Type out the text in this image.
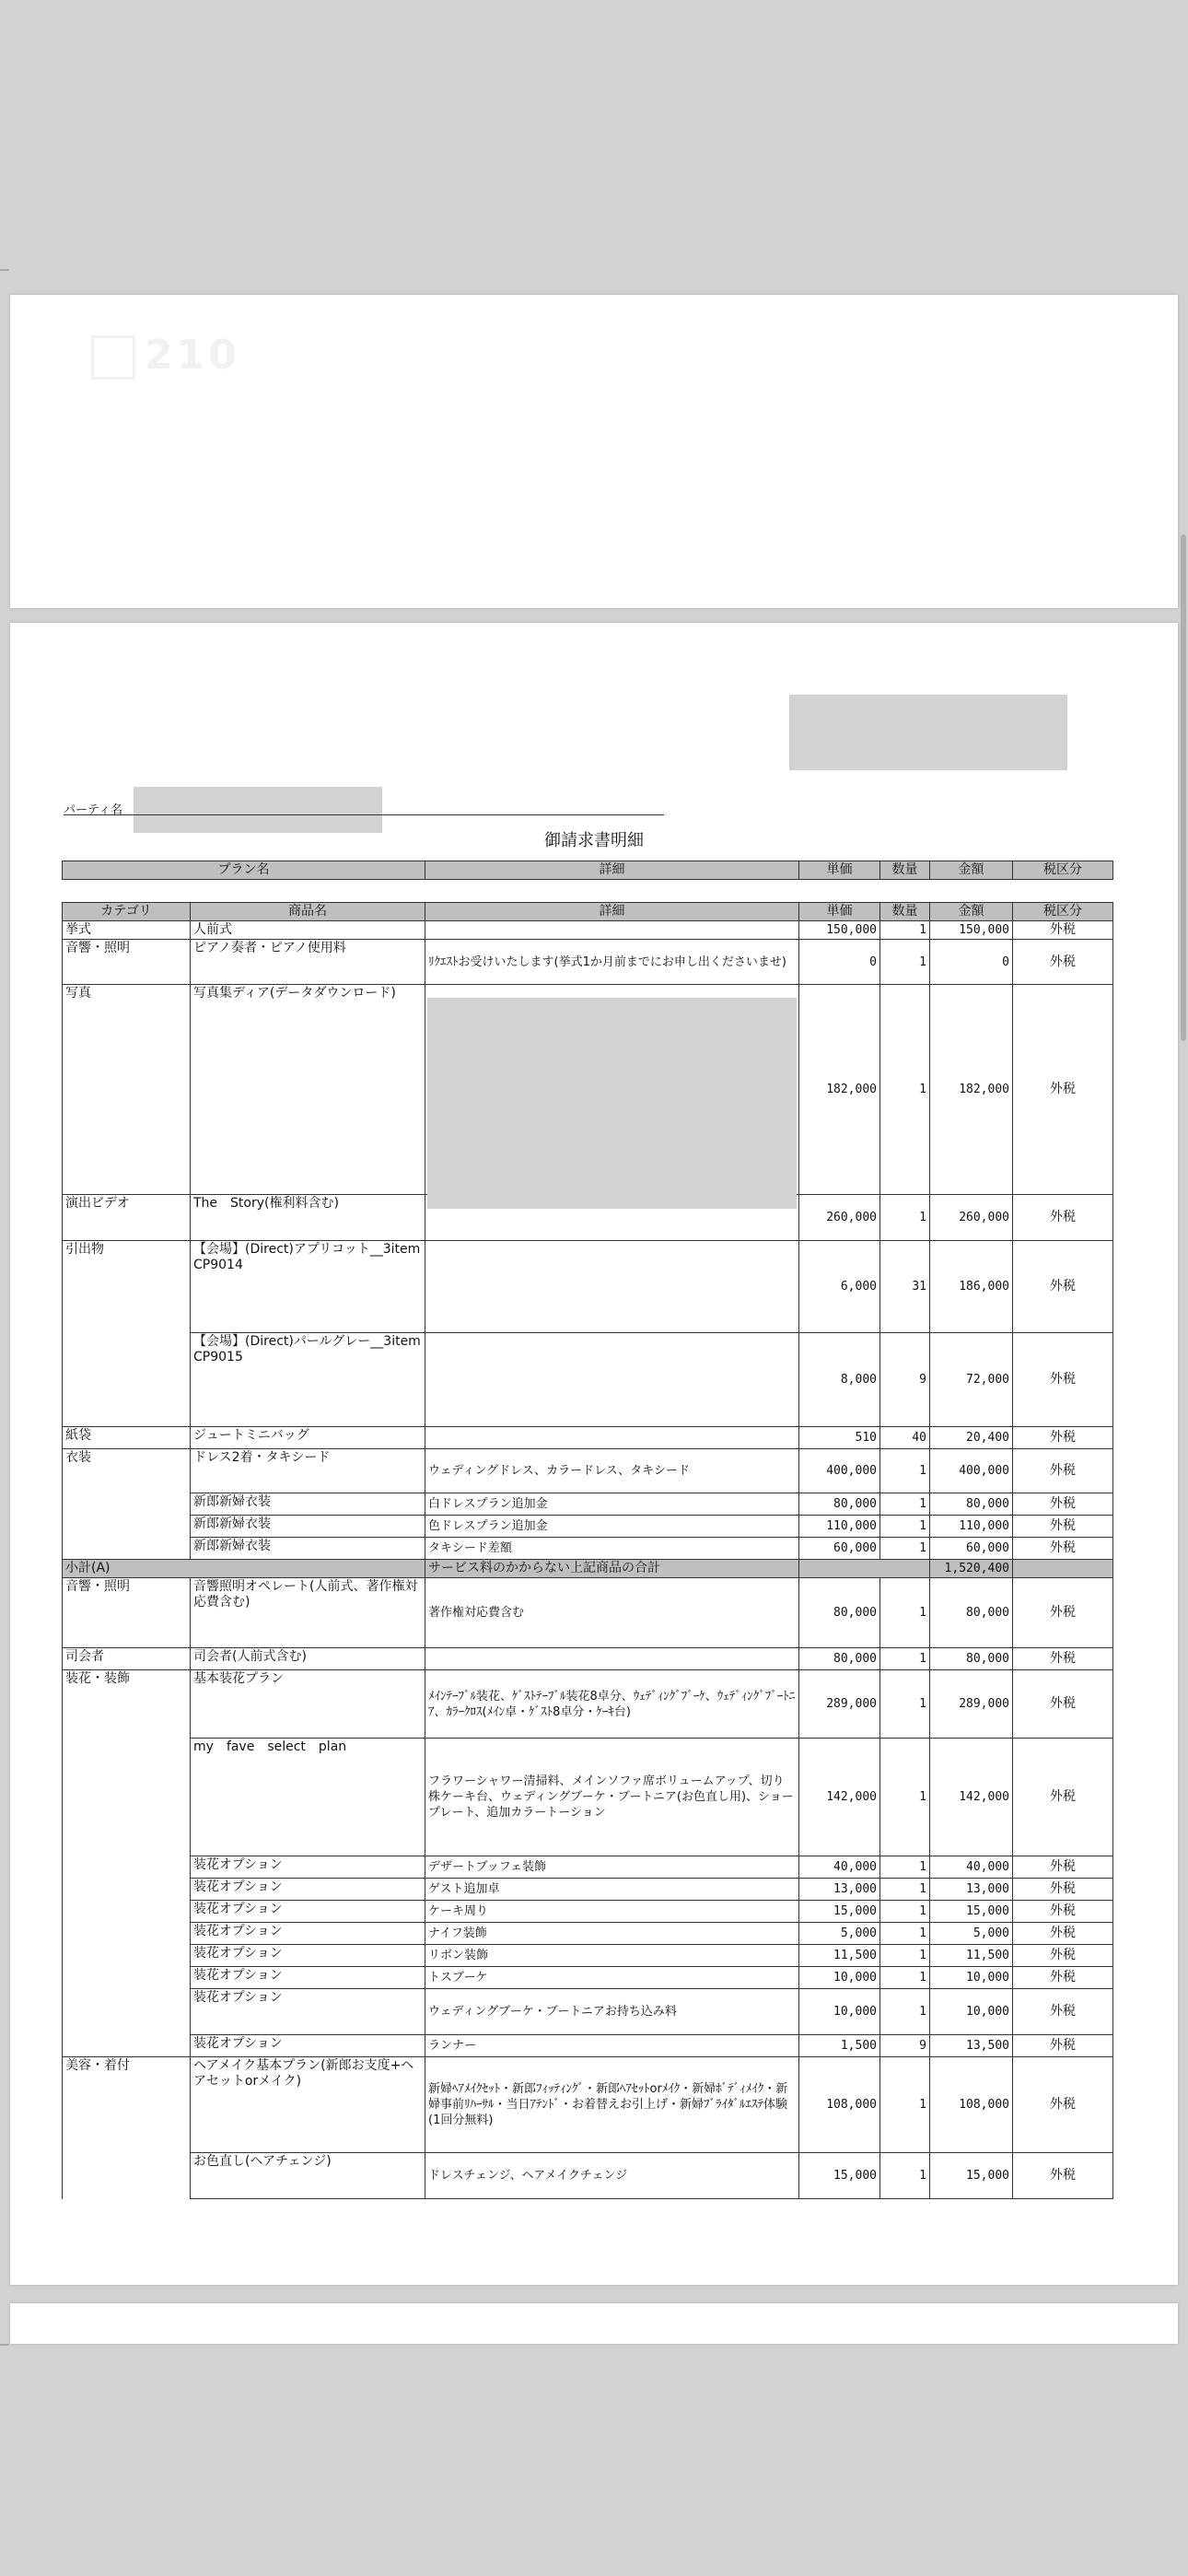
210
パーティ名
御請求書明細
プラン名	詳細	単価	数量	金額	税区分
カテゴリ	商品名	詳細	単価	数量	金額	税区分
挙式	人前式		150,000	1	150,000	外税
音響・照明	ピアノ奏者・ピアノ使用料	ﾘｸｴｽﾄお受けいたします(挙式1か月前までにお申し出くださいませ)	0	1	0	外税
写真	写真集ディア(データダウンロード)		182,000	1	182,000	外税
演出ビデオ	The　Story(権利料含む)		260,000	1	260,000	外税
引出物	【会場】(Direct)アプリコット__3item　CP9014		6,000	31	186,000	外税
	【会場】(Direct)パールグレー__3item　CP9015		8,000	9	72,000	外税
紙袋	ジュートミニバッグ		510	40	20,400	外税
衣装	ドレス2着・タキシード	ウェディングドレス、カラードレス、タキシード	400,000	1	400,000	外税
	新郎新婦衣装	白ドレスプラン追加金	80,000	1	80,000	外税
	新郎新婦衣装	色ドレスプラン追加金	110,000	1	110,000	外税
	新郎新婦衣装	タキシード差額	60,000	1	60,000	外税
小計(A)		サービス料のかからない上記商品の合計			1,520,400	
音響・照明	音響照明オペレート(人前式、著作権対応費含む)	著作権対応費含む	80,000	1	80,000	外税
司会者	司会者(人前式含む)		80,000	1	80,000	外税
装花・装飾	基本装花プラン	ﾒｲﾝﾃｰﾌﾞﾙ装花、ｹﾞｽﾄﾃｰﾌﾞﾙ装花8卓分、ｳｪﾃﾞｨﾝｸﾞﾌﾞｰｹ、ｳｪﾃﾞｨﾝｸﾞﾌﾞｰﾄﾆｱ、ｶﾗｰｸﾛｽ(ﾒｲﾝ卓・ｹﾞｽﾄ8卓分・ｹｰｷ台)	289,000	1	289,000	外税
	my　fave　select　plan	フラワーシャワー清掃料、メインソファ席ボリュームアップ、切り株ケーキ台、ウェディングブーケ・ブートニア(お色直し用)、ショープレート、追加カラートーション	142,000	1	142,000	外税
	装花オプション	デザートブッフェ装飾	40,000	1	40,000	外税
	装花オプション	ゲスト追加卓	13,000	1	13,000	外税
	装花オプション	ケーキ周り	15,000	1	15,000	外税
	装花オプション	ナイフ装飾	5,000	1	5,000	外税
	装花オプション	リボン装飾	11,500	1	11,500	外税
	装花オプション	トスブーケ	10,000	1	10,000	外税
	装花オプション	ウェディングブーケ・ブートニアお持ち込み料	10,000	1	10,000	外税
	装花オプション	ランナー	1,500	9	13,500	外税
美容・着付	ヘアメイク基本プラン(新郎お支度+ヘアセットorメイク)	新婦ﾍｱﾒｲｸｾｯﾄ・新郎ﾌｨｯﾃｨﾝｸﾞ・新郎ﾍｱｾｯﾄorﾒｲｸ・新婦ﾎﾞﾃﾞｨﾒｲｸ・新婦事前ﾘﾊｰｻﾙ・当日ｱﾃﾝﾄﾞ・お着替えお引上げ・新婦ﾌﾞﾗｲﾀﾞﾙｴｽﾃ体験(1回分無料)	108,000	1	108,000	外税
	お色直し(ヘアチェンジ)	ドレスチェンジ、ヘアメイクチェンジ	15,000	1	15,000	外税
